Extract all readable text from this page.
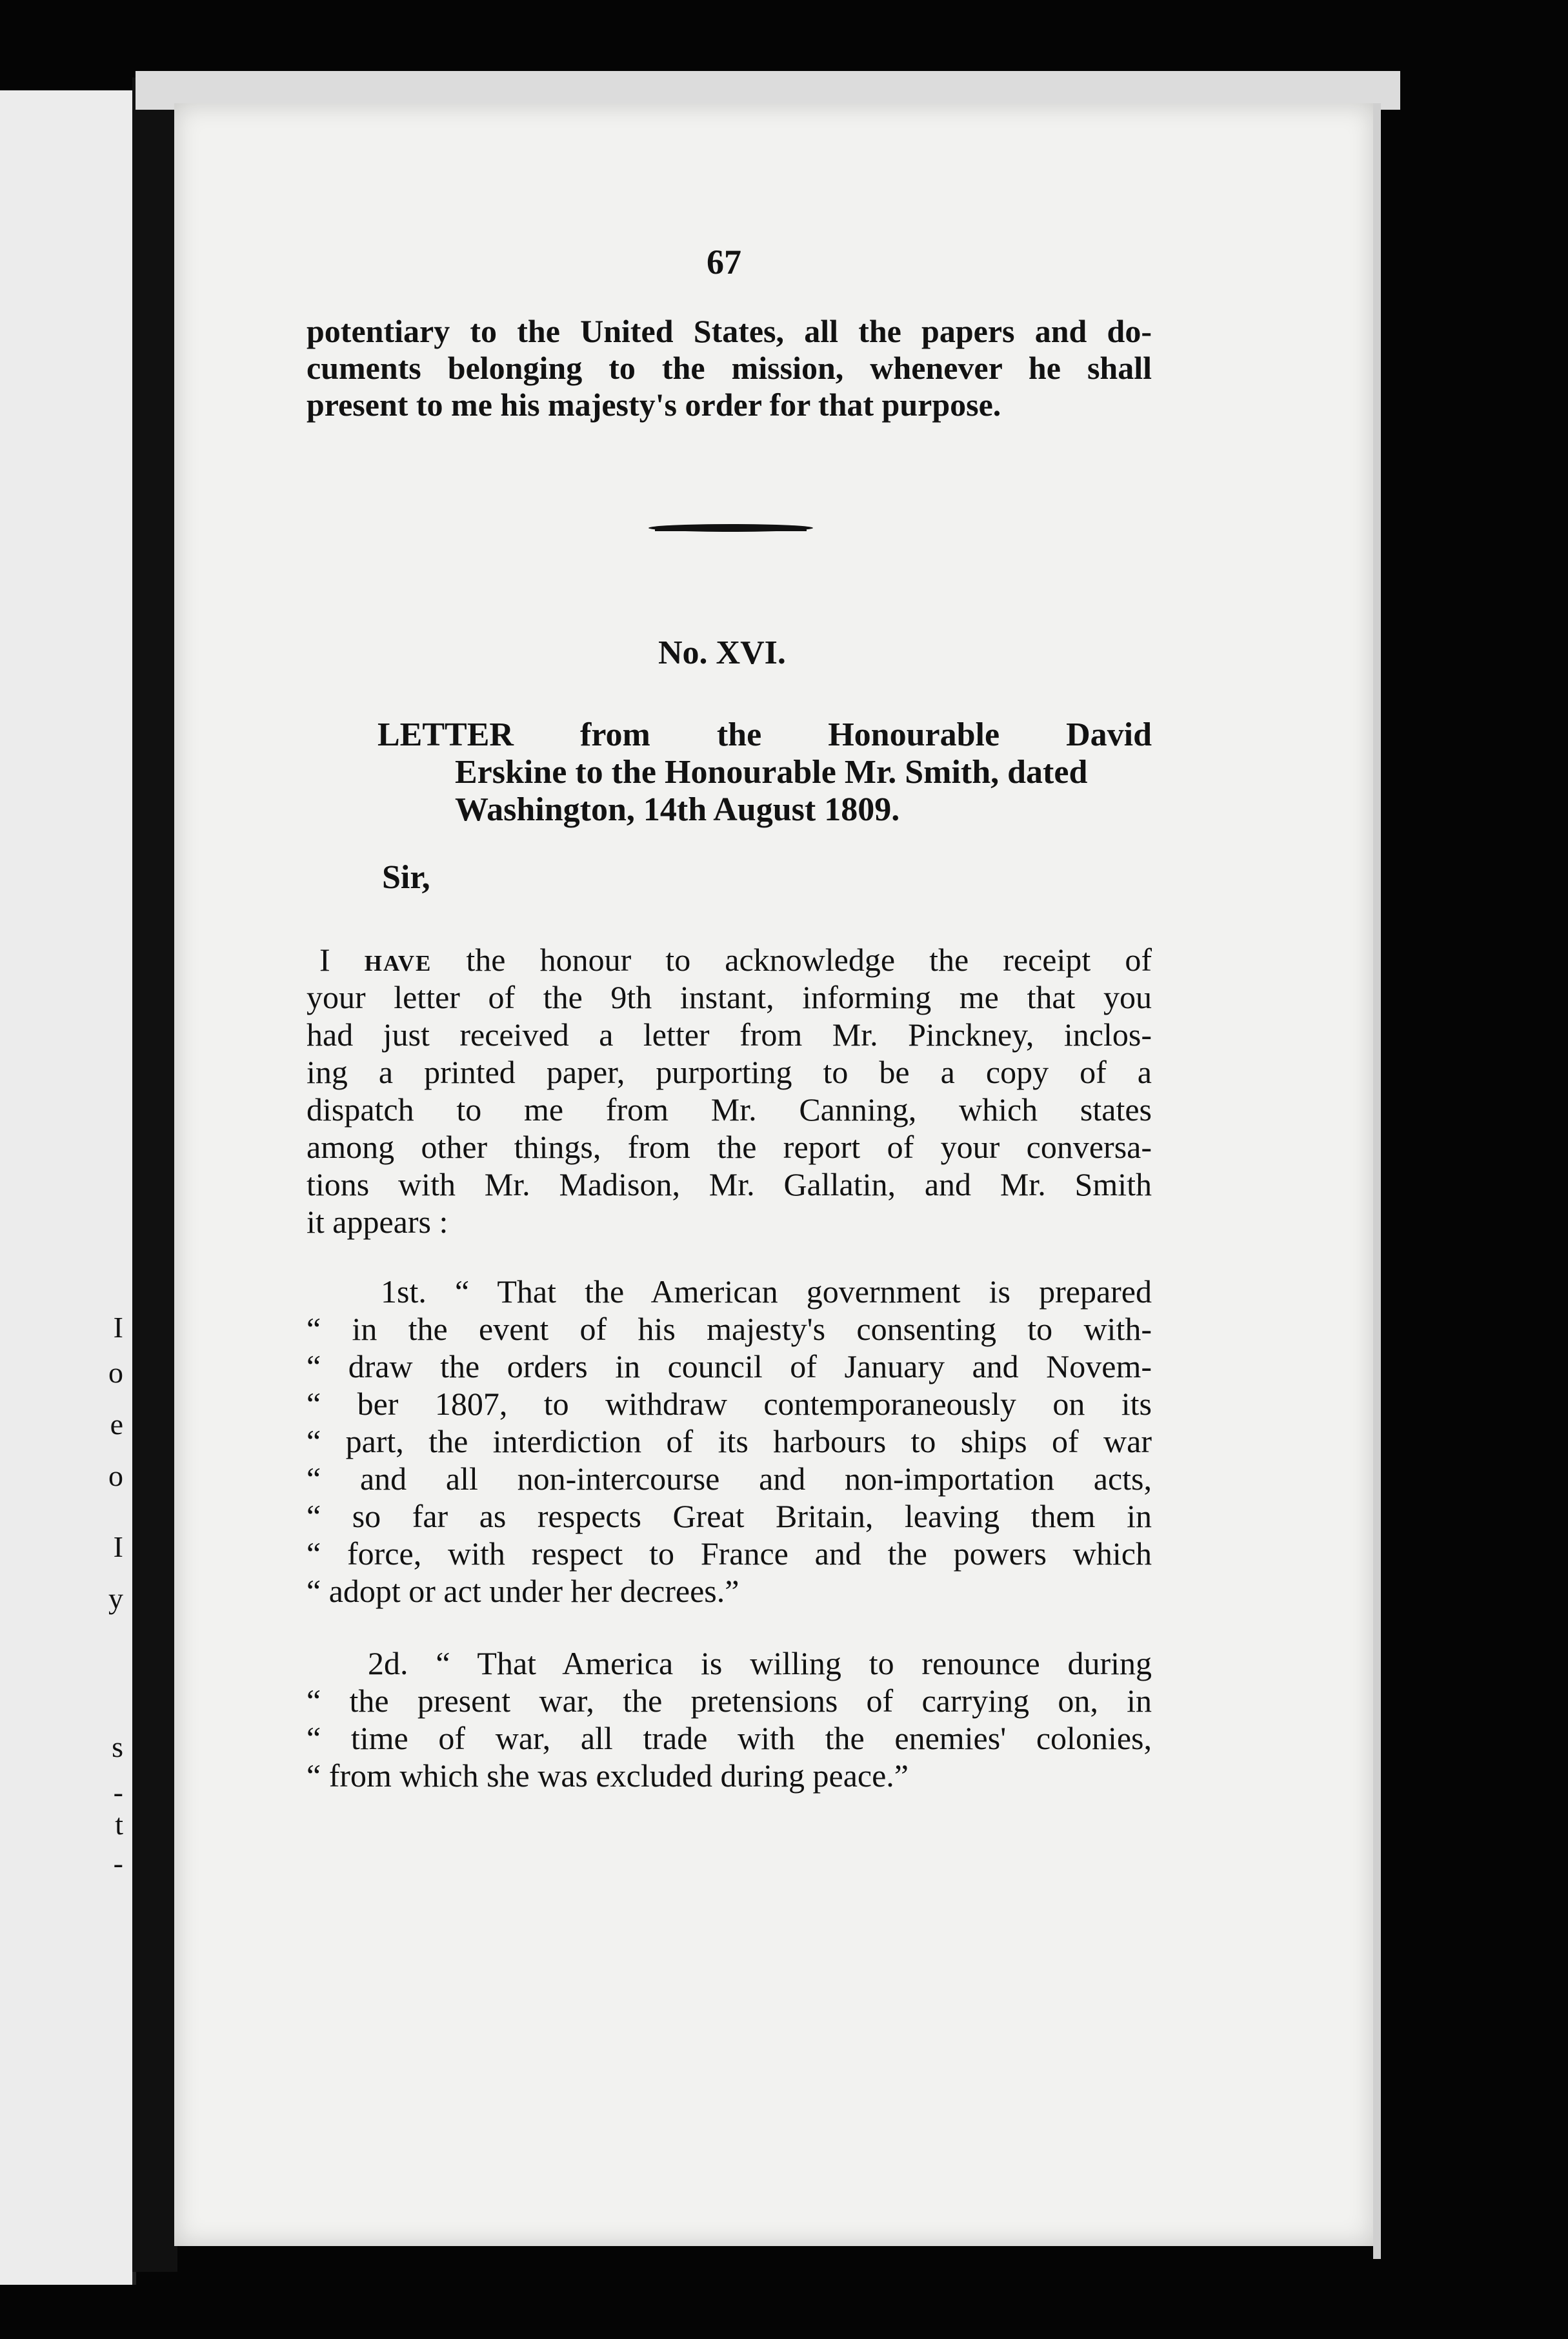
I
o
e
o
I
y
s
-
t
-
67
potentiary to the United States, all the papers and do-
cuments belonging to the mission, whenever he shall
present to me his majesty's order for that purpose.
I have the honour to acknowledge the receipt of
your letter of the 9th instant, informing me that you
had just received a letter from Mr. Pinckney, inclos-
ing a printed paper, purporting to be a copy of a
dispatch to me from Mr. Canning, which states
among other things, from the report of your conversa-
tions with Mr. Madison, Mr. Gallatin, and Mr. Smith
it appears :
1st. “ That the American government is prepared
“ in the event of his majesty's consenting to with-
“ draw the orders in council of January and Novem-
“ ber 1807, to withdraw contemporaneously on its
“ part, the interdiction of its harbours to ships of war
“ and all non-intercourse and non-importation acts,
“ so far as respects Great Britain, leaving them in
“ force, with respect to France and the powers which
“ adopt or act under her decrees.”
2d. “ That America is willing to renounce during
“ the present war, the pretensions of carrying on, in
“ time of war, all trade with the enemies' colonies,
“ from which she was excluded during peace.”
No. XVI.
LETTER from the Honourable David
Erskine to the Honourable Mr. Smith, dated
Washington, 14th August 1809.
Sir,
